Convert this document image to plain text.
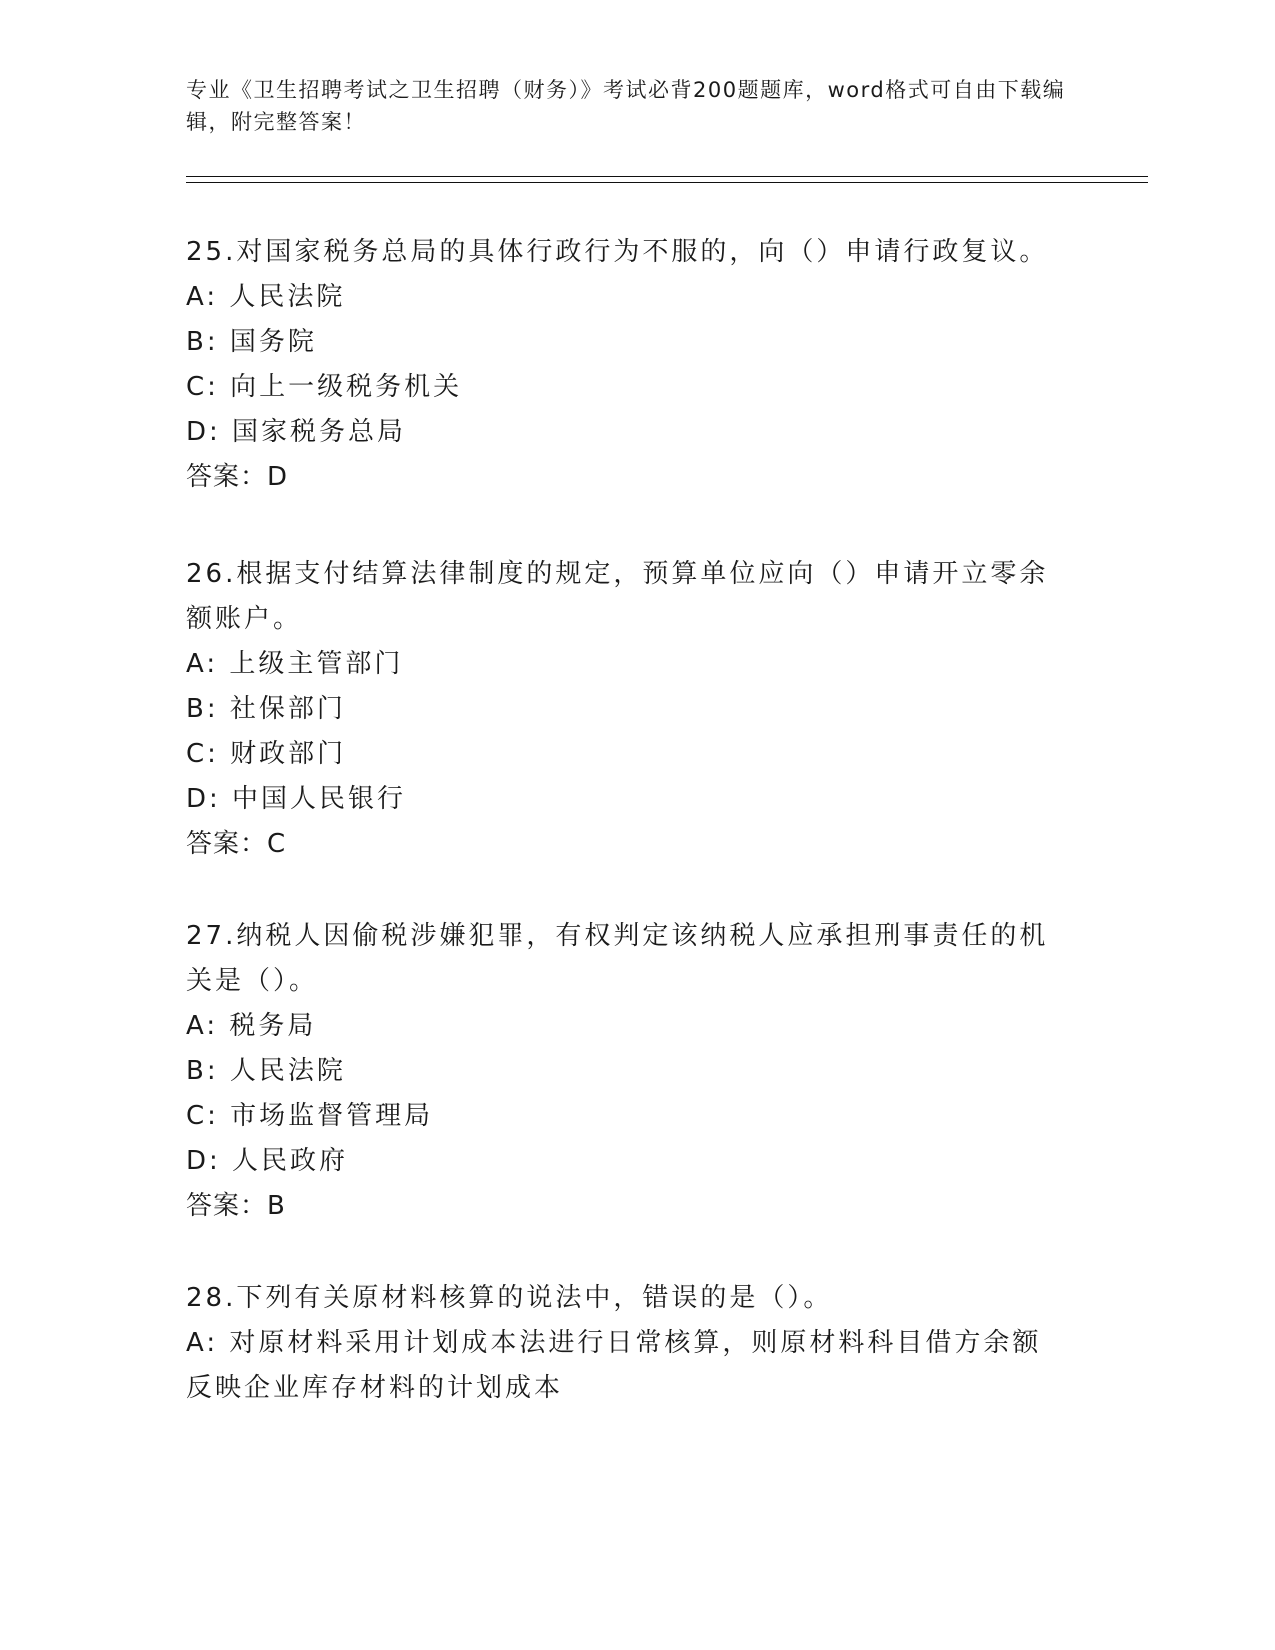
专业《卫生招聘考试之卫生招聘（财务）》考试必背200题题库，word格式可自由下载编辑，附完整答案！

25.对国家税务总局的具体行政行为不服的，向（）申请行政复议。

A: 人民法院

B: 国务院

C: 向上一级税务机关

D: 国家税务总局

答案：D

26.根据支付结算法律制度的规定，预算单位应向（）申请开立零余额账户。

A: 上级主管部门

B: 社保部门

C: 财政部门

D: 中国人民银行

答案：C

27.纳税人因偷税涉嫌犯罪，有权判定该纳税人应承担刑事责任的机关是（）。

A: 税务局

B: 人民法院

C: 市场监督管理局

D: 人民政府

答案：B

28.下列有关原材料核算的说法中，错误的是（）。

A: 对原材料采用计划成本法进行日常核算，则原材料科目借方余额反映企业库存材料的计划成本
